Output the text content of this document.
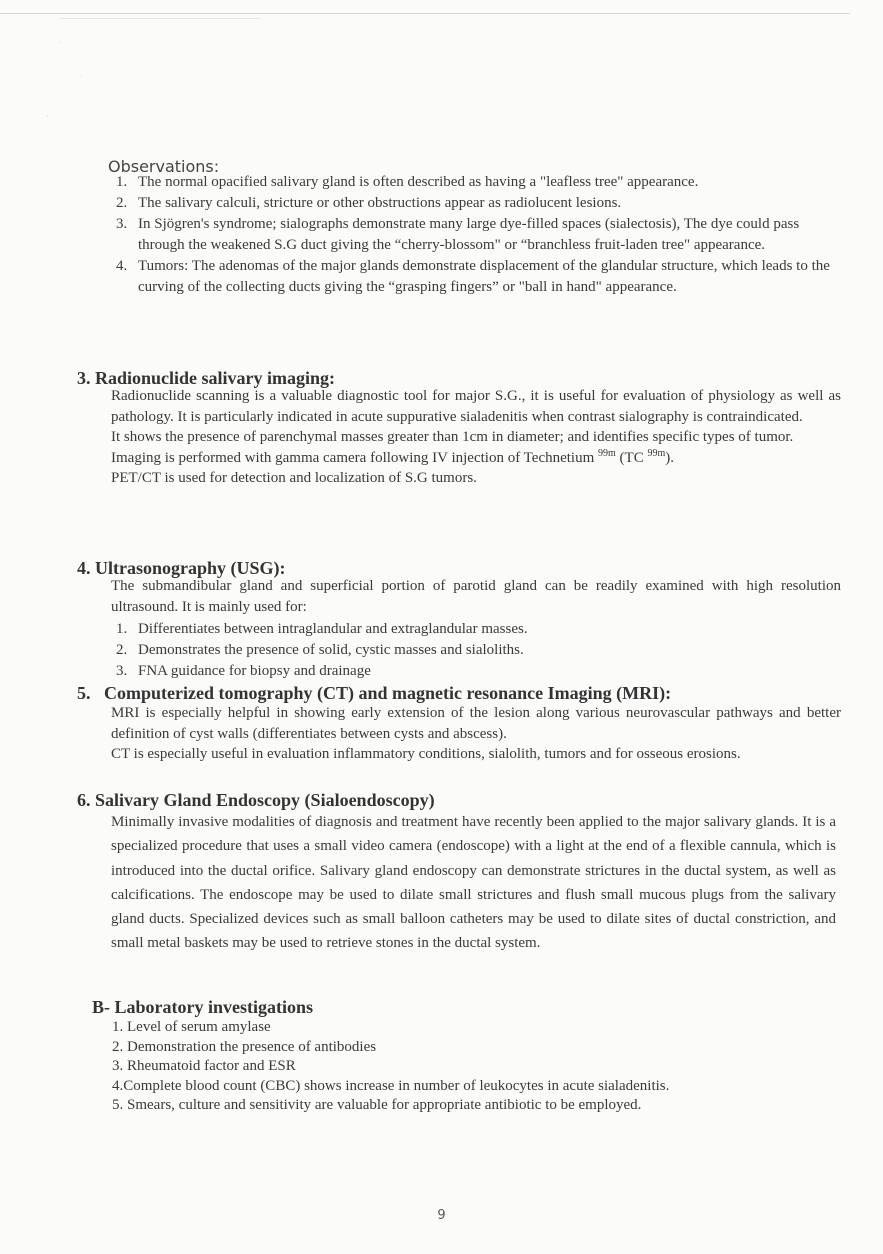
·
·
·
Observations:
1. The normal opacified salivary gland is often described as having a "leafless tree" appearance.
2. The salivary calculi, stricture or other obstructions appear as radiolucent lesions.
3. In Sjögren's syndrome; sialographs demonstrate many large dye-filled spaces (sialectosis), The dye could pass through the weakened S.G duct giving the “cherry-blossom" or “branchless fruit-laden tree" appearance.
4. Tumors: The adenomas of the major glands demonstrate displacement of the glandular structure, which leads to the curving of the collecting ducts giving the “grasping fingers” or "ball in hand" appearance.
3. Radionuclide salivary imaging:

Radionuclide scanning is a valuable diagnostic tool for major S.G., it is useful for evaluation of physiology as well as pathology. It is particularly indicated in acute suppurative sialadenitis when contrast sialography is contraindicated.

It shows the presence of parenchymal masses greater than 1cm in diameter; and identifies specific types of tumor.

Imaging is performed with gamma camera following IV injection of Technetium $^{99m}$ (TC $^{99m}$).

PET/CT is used for detection and localization of S.G tumors.

4. Ultrasonography (USG):

The submandibular gland and superficial portion of parotid gland can be readily examined with high resolution ultrasound. It is mainly used for:

1. Differentiates between intraglandular and extraglandular masses.
2. Demonstrates the presence of solid, cystic masses and sialoliths.
3. FNA guidance for biopsy and drainage
5. Computerized tomography (CT) and magnetic resonance Imaging (MRI):

MRI is especially helpful in showing early extension of the lesion along various neurovascular pathways and better definition of cyst walls (differentiates between cysts and abscess).

CT is especially useful in evaluation inflammatory conditions, sialolith, tumors and for osseous erosions.

6. Salivary Gland Endoscopy (Sialoendoscopy)

Minimally invasive modalities of diagnosis and treatment have recently been applied to the major salivary glands. It is a specialized procedure that uses a small video camera (endoscope) with a light at the end of a flexible cannula, which is introduced into the ductal orifice. Salivary gland endoscopy can demonstrate strictures in the ductal system, as well as calcifications. The endoscope may be used to dilate small strictures and flush small mucous plugs from the salivary gland ducts. Specialized devices such as small balloon catheters may be used to dilate sites of ductal constriction, and small metal baskets may be used to retrieve stones in the ductal system.

B- Laboratory investigations
1. Level of serum amylase
2. Demonstration the presence of antibodies
3. Rheumatoid factor and ESR
4.Complete blood count (CBC) shows increase in number of leukocytes in acute sialadenitis.
5. Smears, culture and sensitivity are valuable for appropriate antibiotic to be employed.
9
